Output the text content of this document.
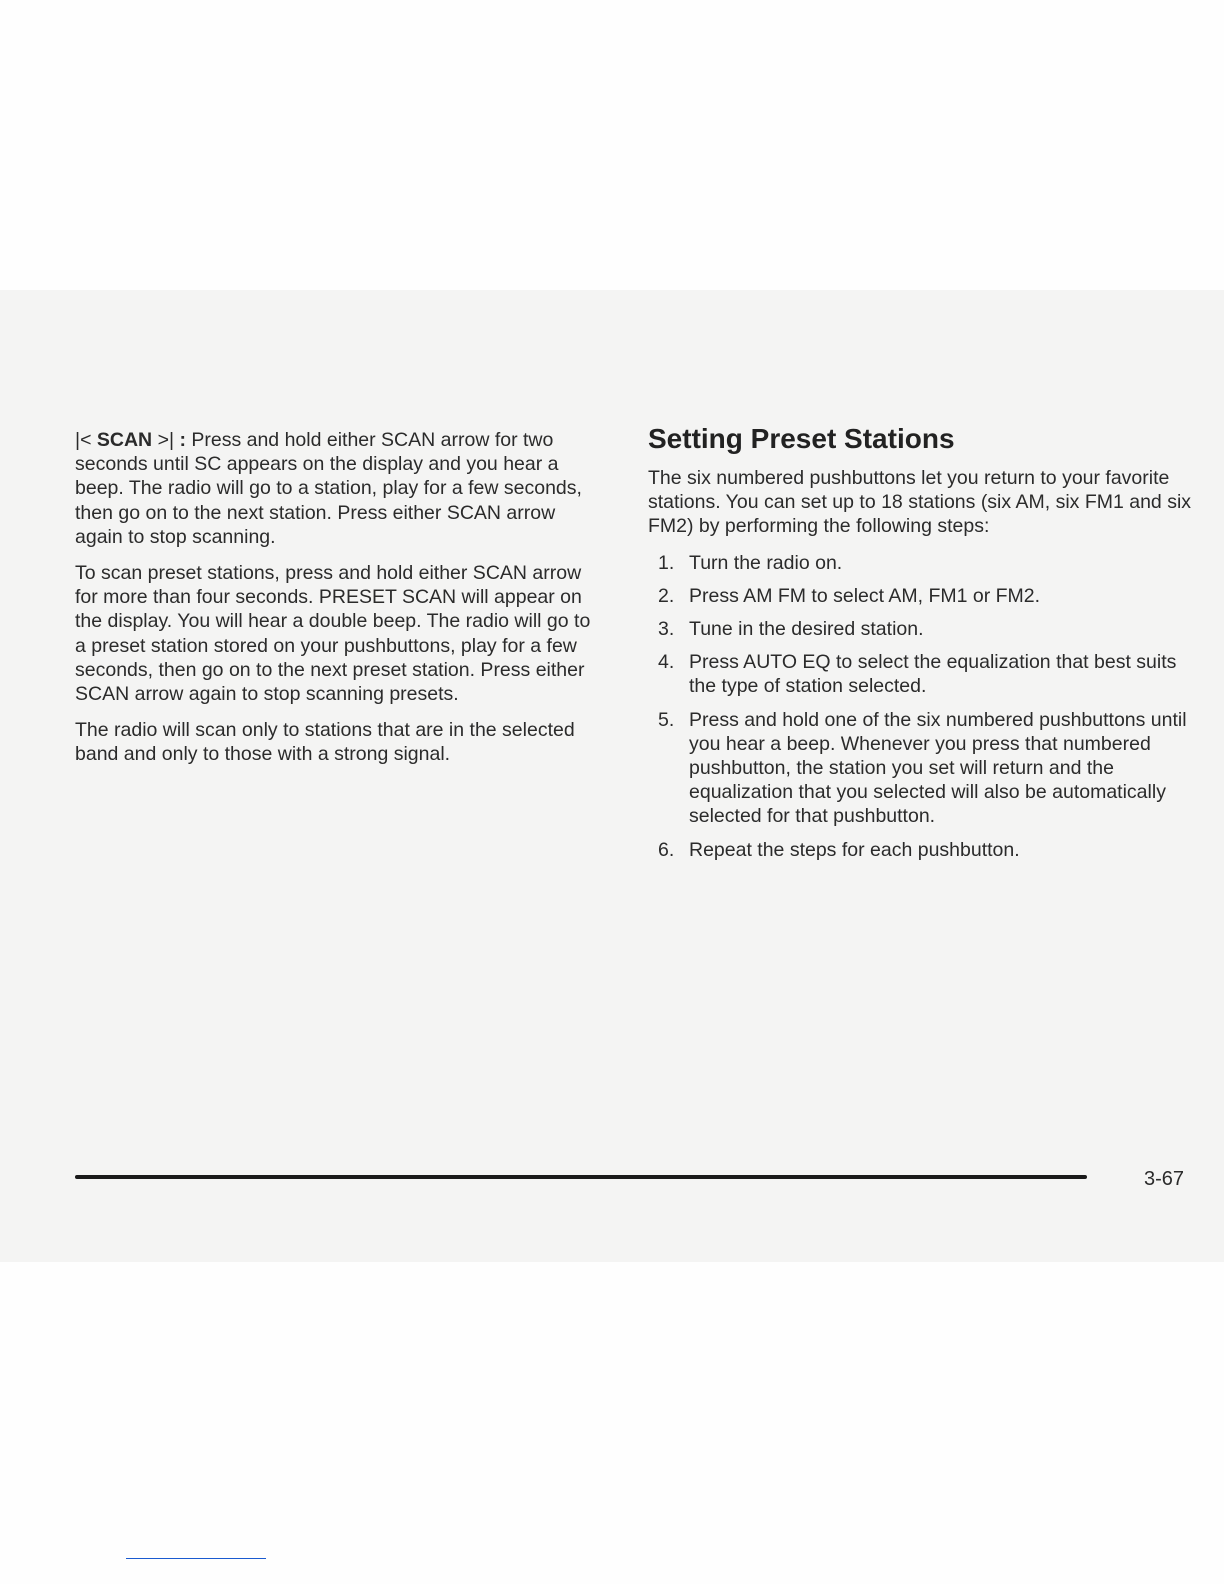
|< SCAN >| : Press and hold either SCAN arrow for two seconds until SC appears on the display and you hear a beep. The radio will go to a station, play for a few seconds, then go on to the next station. Press either SCAN arrow again to stop scanning.

To scan preset stations, press and hold either SCAN arrow for more than four seconds. PRESET SCAN will appear on the display. You will hear a double beep. The radio will go to a preset station stored on your pushbuttons, play for a few seconds, then go on to the next preset station. Press either SCAN arrow again to stop scanning presets.

The radio will scan only to stations that are in the selected band and only to those with a strong signal.

Setting Preset Stations

The six numbered pushbuttons let you return to your favorite stations. You can set up to 18 stations (six AM, six FM1 and six FM2) by performing the following steps:

1. Turn the radio on.
2. Press AM FM to select AM, FM1 or FM2.
3. Tune in the desired station.
4. Press AUTO EQ to select the equalization that best suits the type of station selected.
5. Press and hold one of the six numbered pushbuttons until you hear a beep. Whenever you press that numbered pushbutton, the station you set will return and the equalization that you selected will also be automatically selected for that pushbutton.
6. Repeat the steps for each pushbutton.
3-67
